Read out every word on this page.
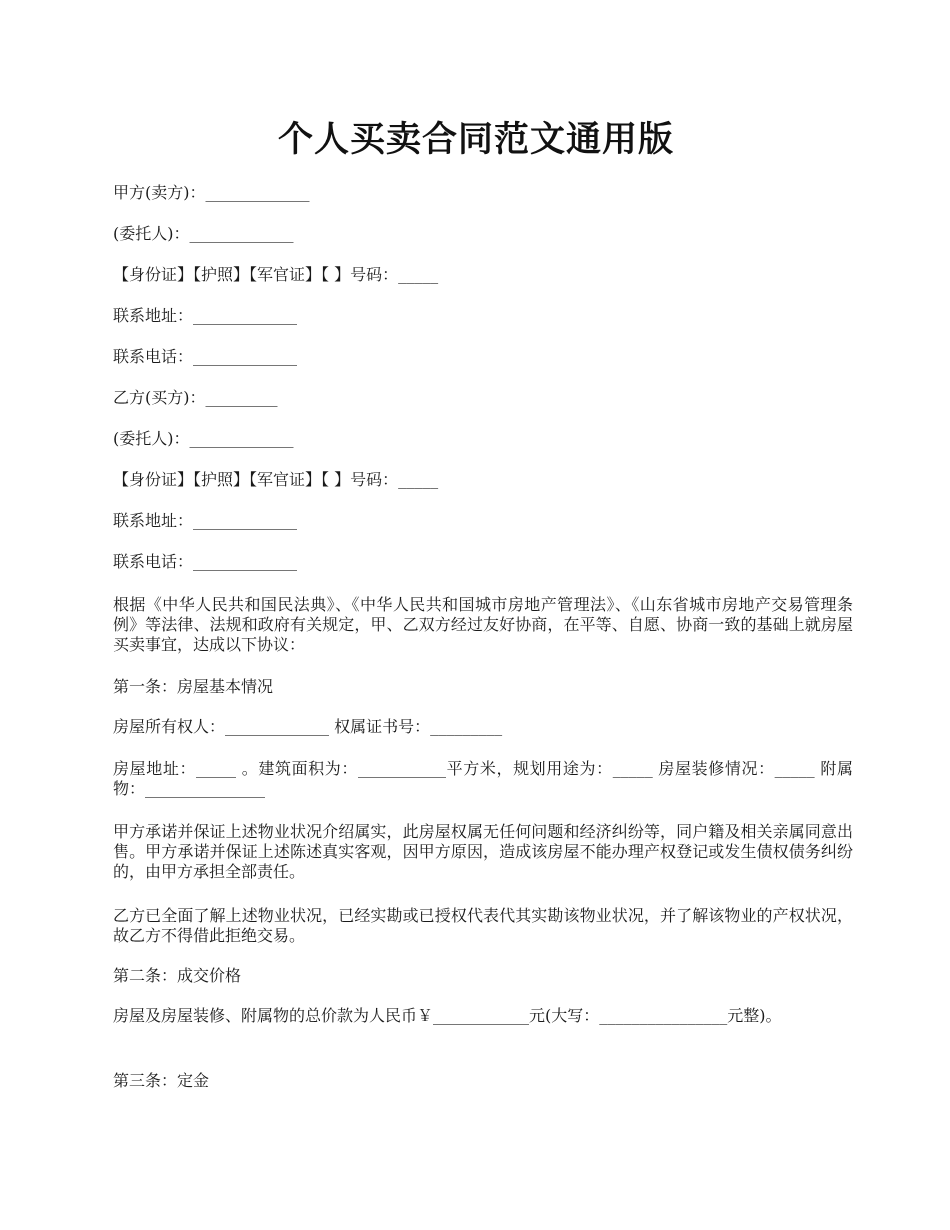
个人买卖合同范文通用版

甲方(卖方)：_____________

(委托人)：_____________

【身份证】【护照】【军官证】【 】号码：_____

联系地址：_____________

联系电话：_____________

乙方(买方)：_________

(委托人)：_____________

【身份证】【护照】【军官证】【 】号码：_____

联系地址：_____________

联系电话：_____________

根据《中华人民共和国民法典》、《中华人民共和国城市房地产管理法》、《山东省城市房地产交易管理条例》等法律、法规和政府有关规定，甲、乙双方经过友好协商，在平等、自愿、协商一致的基础上就房屋买卖事宜，达成以下协议：

第一条：房屋基本情况

房屋所有权人：_____________ 权属证书号：_________

房屋地址：_____ 。建筑面积为：___________平方米，规划用途为：_____ 房屋装修情况：_____ 附属物：_______________

甲方承诺并保证上述物业状况介绍属实，此房屋权属无任何问题和经济纠纷等，同户籍及相关亲属同意出售。甲方承诺并保证上述陈述真实客观，因甲方原因，造成该房屋不能办理产权登记或发生债权债务纠纷的，由甲方承担全部责任。

乙方已全面了解上述物业状况，已经实勘或已授权代表代其实勘该物业状况，并了解该物业的产权状况，故乙方不得借此拒绝交易。

第二条：成交价格

房屋及房屋装修、附属物的总价款为人民币￥____________元(大写：________________元整)。

第三条：定金
